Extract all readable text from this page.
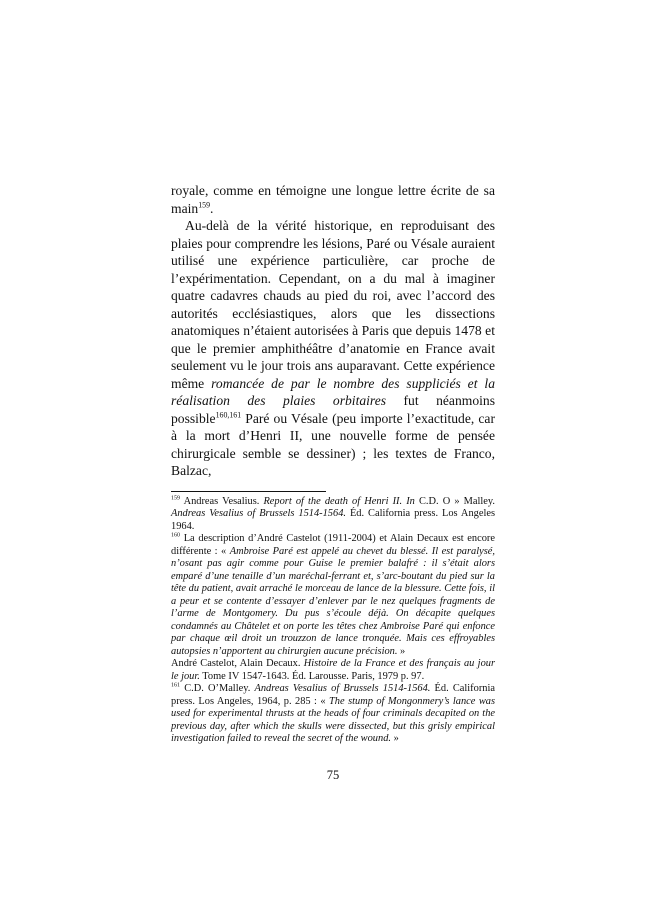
royale, comme en témoigne une longue lettre écrite de sa main$^{159}$.

Au-delà de la vérité historique, en reproduisant des plaies pour comprendre les lésions, Paré ou Vésale auraient utilisé une expérience particulière, car proche de l’expérimentation. Cependant, on a du mal à imaginer quatre cadavres chauds au pied du roi, avec l’accord des autorités ecclésiastiques, alors que les dissections anatomiques n’étaient autorisées à Paris que depuis 1478 et que le premier amphithéâtre d’anatomie en France avait seulement vu le jour trois ans auparavant. Cette expérience même romancée de par le nombre des suppliciés et la réalisation des plaies orbitaires fut néanmoins possible$^{160,161}$ Paré ou Vésale (peu importe l’exactitude, car à la mort d’Henri II, une nouvelle forme de pensée chirurgicale semble se dessiner) ; les textes de Franco, Balzac,

$^{159}$ Andreas Vesalius. Report of the death of Henri II. In C.D. O » Malley. Andreas Vesalius of Brussels 1514-1564. Éd. California press. Los Angeles 1964.

$^{160}$ La description d’André Castelot (1911-2004) et Alain Decaux est encore différente : « Ambroise Paré est appelé au chevet du blessé. Il est paralysé, n’osant pas agir comme pour Guise le premier balafré : il s’était alors emparé d’une tenaille d’un maréchal-ferrant et, s’arc-boutant du pied sur la tête du patient, avait arraché le morceau de lance de la blessure. Cette fois, il a peur et se contente d’essayer d’enlever par le nez quelques fragments de l’arme de Montgomery. Du pus s’écoule déjà. On décapite quelques condamnés au Châtelet et on porte les têtes chez Ambroise Paré qui enfonce par chaque œil droit un trouzzon de lance tronquée. Mais ces effroyables autopsies n’apportent au chirurgien aucune précision. »

André Castelot, Alain Decaux. Histoire de la France et des français au jour le jour. Tome IV 1547-1643. Éd. Larousse. Paris, 1979 p. 97.

$^{161}$ C.D. O’Malley. Andreas Vesalius of Brussels 1514-1564. Éd. California press. Los Angeles, 1964, p. 285 : « The stump of Mongonmery’s lance was used for experimental thrusts at the heads of four criminals decapited on the previous day, after which the skulls were dissected, but this grisly empirical investigation failed to reveal the secret of the wound. »

75
